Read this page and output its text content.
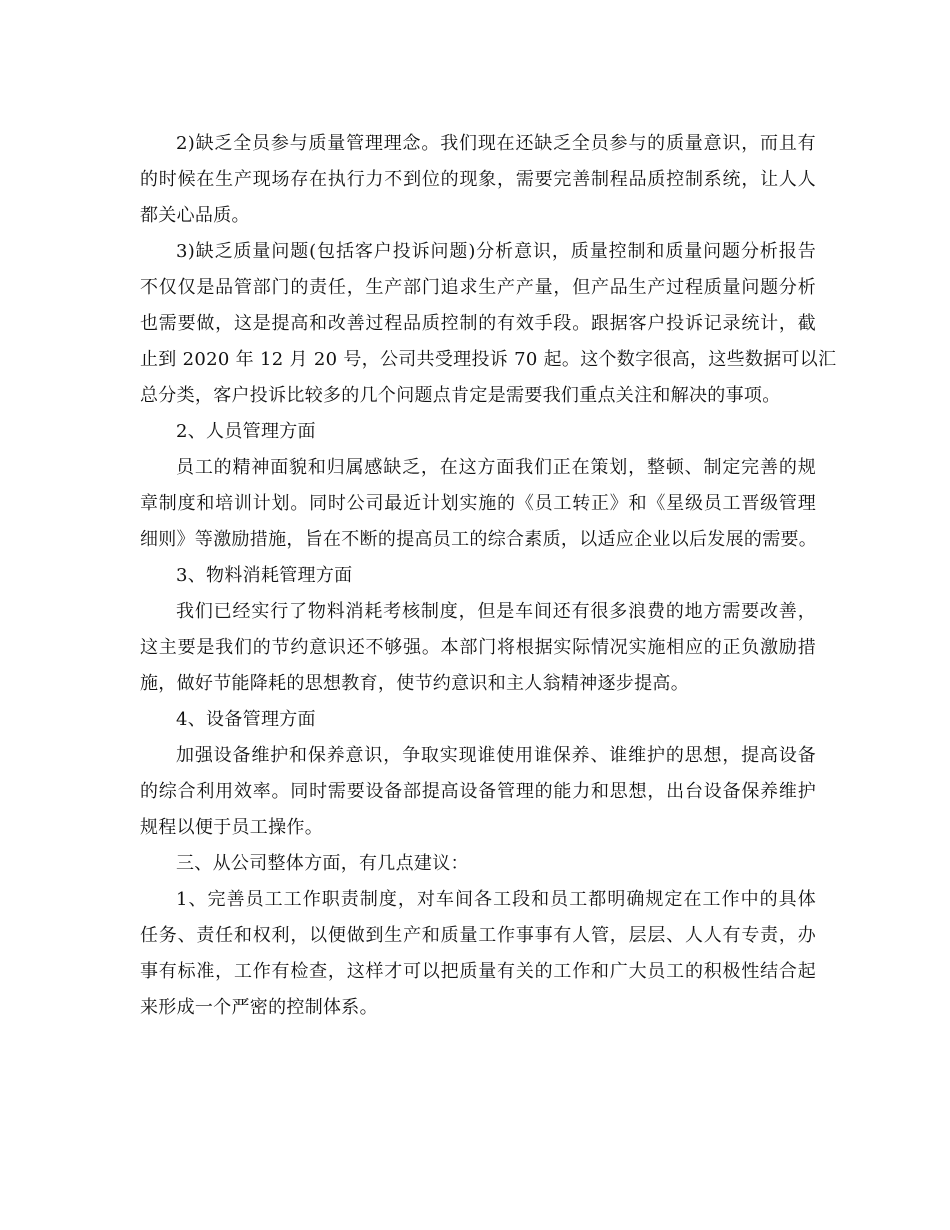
2)缺乏全员参与质量管理理念。我们现在还缺乏全员参与的质量意识，而且有
的时候在生产现场存在执行力不到位的现象，需要完善制程品质控制系统，让人人
都关心品质。
3)缺乏质量问题(包括客户投诉问题)分析意识，质量控制和质量问题分析报告
不仅仅是品管部门的责任，生产部门追求生产产量，但产品生产过程质量问题分析
也需要做，这是提高和改善过程品质控制的有效手段。跟据客户投诉记录统计，截
止到 2020 年 12 月 20 号，公司共受理投诉 70 起。这个数字很高，这些数据可以汇
总分类，客户投诉比较多的几个问题点肯定是需要我们重点关注和解决的事项。
2、人员管理方面
员工的精神面貌和归属感缺乏，在这方面我们正在策划，整顿、制定完善的规
章制度和培训计划。同时公司最近计划实施的《员工转正》和《星级员工晋级管理
细则》等激励措施，旨在不断的提高员工的综合素质，以适应企业以后发展的需要。
3、物料消耗管理方面
我们已经实行了物料消耗考核制度，但是车间还有很多浪费的地方需要改善，
这主要是我们的节约意识还不够强。本部门将根据实际情况实施相应的正负激励措
施，做好节能降耗的思想教育，使节约意识和主人翁精神逐步提高。
4、设备管理方面
加强设备维护和保养意识，争取实现谁使用谁保养、谁维护的思想，提高设备
的综合利用效率。同时需要设备部提高设备管理的能力和思想，出台设备保养维护
规程以便于员工操作。
三、从公司整体方面，有几点建议：
1、完善员工工作职责制度，对车间各工段和员工都明确规定在工作中的具体
任务、责任和权利，以便做到生产和质量工作事事有人管，层层、人人有专责，办
事有标准，工作有检查，这样才可以把质量有关的工作和广大员工的积极性结合起
来形成一个严密的控制体系。
